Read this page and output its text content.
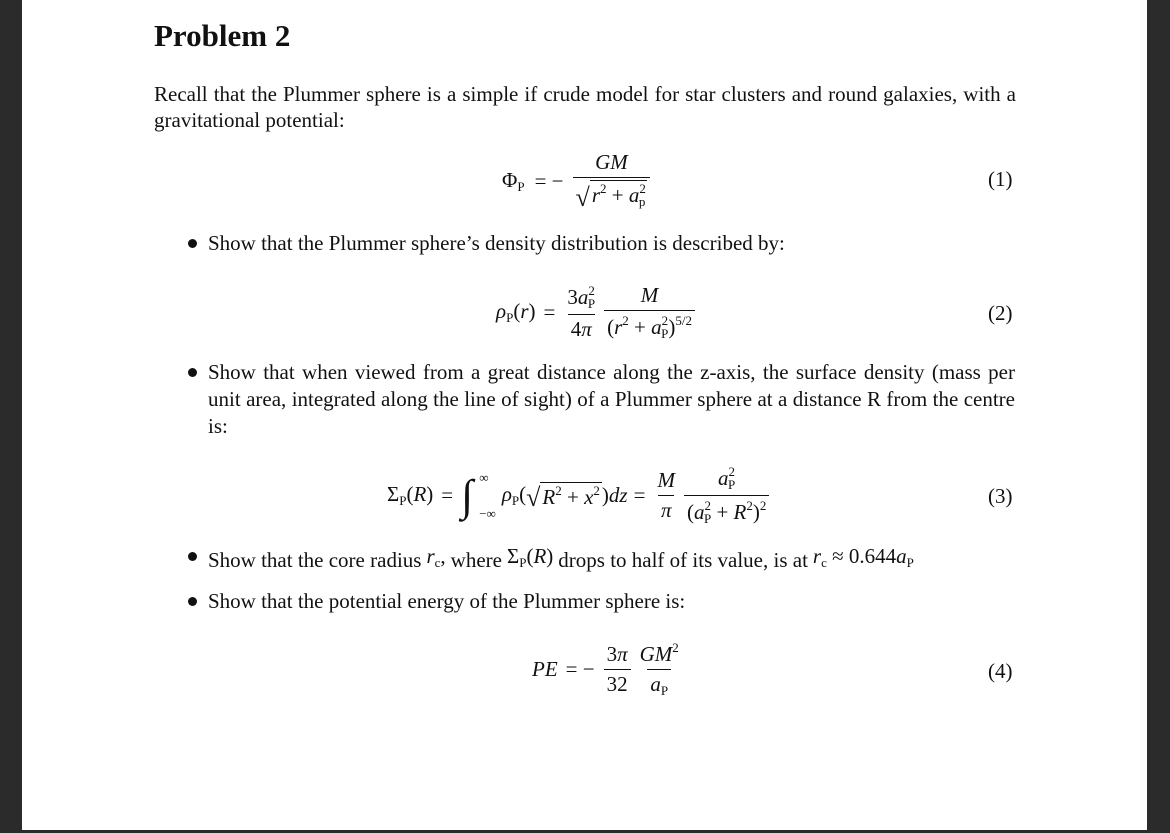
Problem 2
Recall that the Plummer sphere is a simple if crude model for star clusters and round galaxies, with a gravitational potential:
$\Phi_P$ = − $\frac{GM}{√ r^2 + a^2_p}$	(1)
Show that the Plummer sphere’s density distribution is described by:
$\rho_P(r) = \frac{3a^2_P}{4\pi} \frac{M}{(r^2 + a^2_P)^{5/2}}$	(2)
Show that when viewed from a great distance along the z-axis, the surface density (mass per unit area, integrated along the line of sight) of a Plummer sphere at a distance R from the centre is:
$\Sigma_P(R)$ = ∫ ∞
−∞
$\rho_P$( √ $R^2 + x^2$ )$dz = \frac{M}{\pi} \frac{a^2_P}{(a^2_P + R^2)^2}$	(3)
Show that the core radius $r_c$, where $\Sigma_P(R)$ drops to half of its value, is at $r_c \approx 0.644a_P$
Show that the potential energy of the Plummer sphere is:
PE = − $\frac{3\pi}{32} \frac{GM^2}{a_P}$	(4)
